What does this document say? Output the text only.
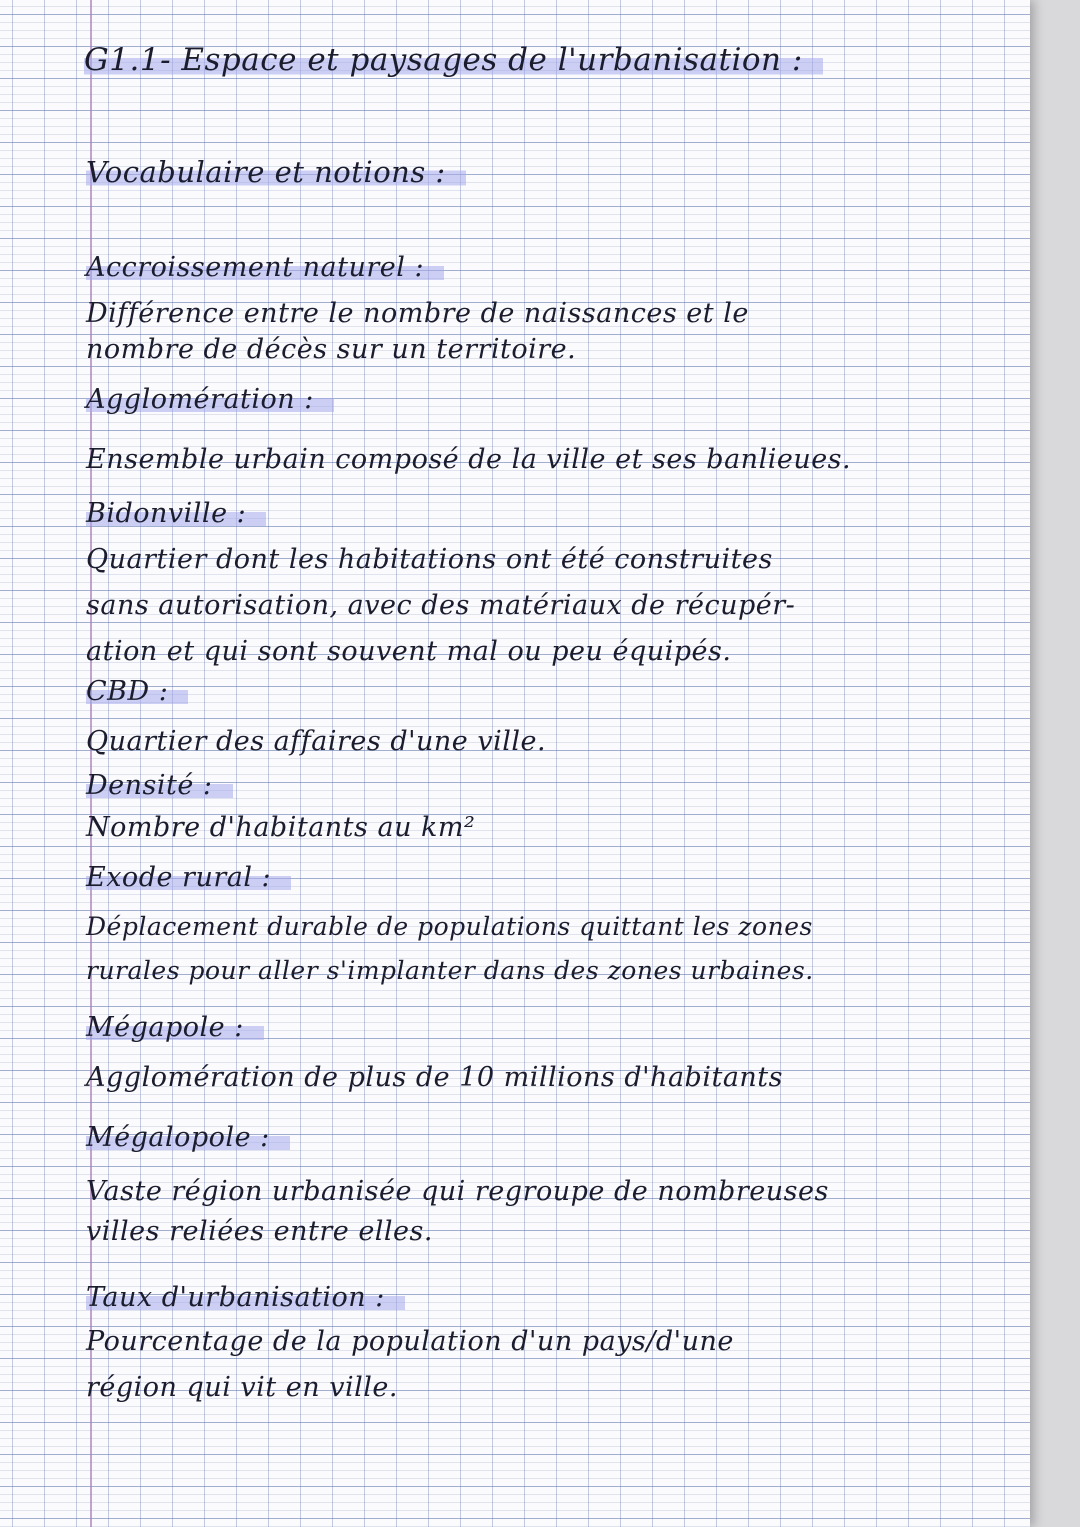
G1.1- Espace et paysages de l'urbanisation :
Vocabulaire et notions :
Accroissement naturel :
Différence entre le nombre de naissances et le
nombre de décès sur un territoire.
Agglomération :
Ensemble urbain composé de la ville et ses banlieues.
Bidonville :
Quartier dont les habitations ont été construites
sans autorisation, avec des matériaux de récupér-
ation et qui sont souvent mal ou peu équipés.
CBD :
Quartier des affaires d'une ville.
Densité :
Nombre d'habitants au km²
Exode rural :
Déplacement durable de populations quittant les zones
rurales pour aller s'implanter dans des zones urbaines.
Mégapole :
Agglomération de plus de 10 millions d'habitants
Mégalopole :
Vaste région urbanisée qui regroupe de nombreuses
villes reliées entre elles.
Taux d'urbanisation :
Pourcentage de la population d'un pays/d'une
région qui vit en ville.
